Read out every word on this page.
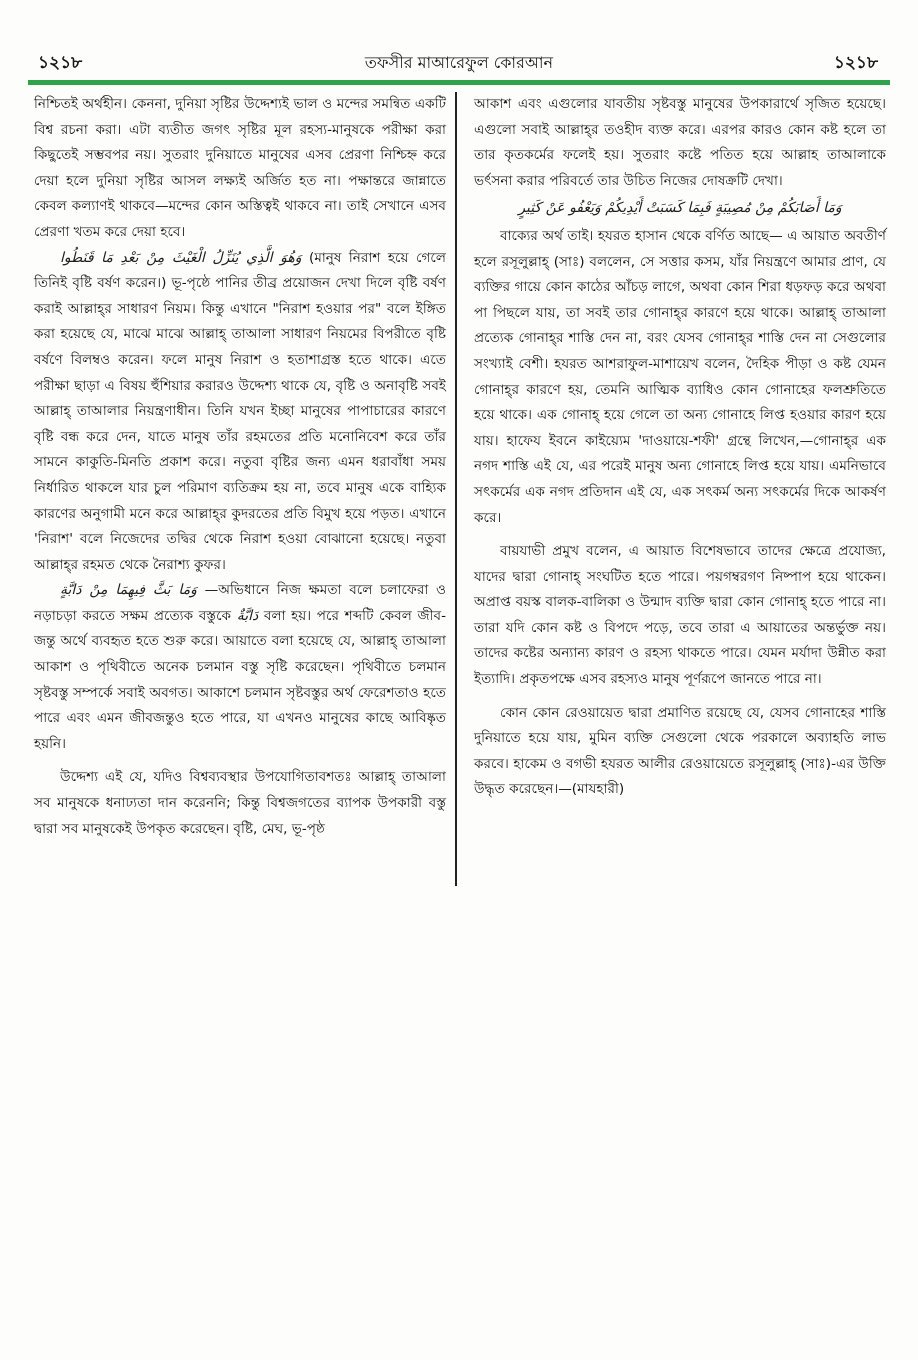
১২১৮	তফসীর মাআরেফুল কোরআন	১২১৮

নিশ্চিতই অর্থহীন। কেননা, দুনিয়া সৃষ্টির উদ্দেশ্যই ভাল ও মন্দের সমন্বিত একটি বিশ্ব রচনা করা। এটা ব্যতীত জগৎ সৃষ্টির মূল রহস্য-মানুষকে পরীক্ষা করা কিছুতেই সম্ভবপর নয়। সুতরাং দুনিয়াতে মানুষের এসব প্রেরণা নিশ্চিহ্ন করে দেয়া হলে দুনিয়া সৃষ্টির আসল লক্ষ্যই অর্জিত হত না। পক্ষান্তরে জান্নাতে কেবল কল্যাণই থাকবে—মন্দের কোন অস্তিত্বই থাকবে না। তাই সেখানে এসব প্রেরণা খতম করে দেয়া হবে।

وَهُوَ الَّذِي يُنَزِّلُ الْغَيْثَ مِنْ بَعْدِ مَا قَنَطُوا (মানুষ নিরাশ হয়ে গেলে তিনিই বৃষ্টি বর্ষণ করেন।) ভূ-পৃষ্ঠে পানির তীব্র প্রয়োজন দেখা দিলে বৃষ্টি বর্ষণ করাই আল্লাহ্‌র সাধারণ নিয়ম। কিন্তু এখানে "নিরাশ হওয়ার পর" বলে ইঙ্গিত করা হয়েছে যে, মাঝে মাঝে আল্লাহ্‌ তাআলা সাধারণ নিয়মের বিপরীতে বৃষ্টি বর্ষণে বিলম্বও করেন। ফলে মানুষ নিরাশ ও হতাশাগ্রস্ত হতে থাকে। এতে পরীক্ষা ছাড়া এ বিষয় হুঁশিয়ার করারও উদ্দেশ্য থাকে যে, বৃষ্টি ও অনাবৃষ্টি সবই আল্লাহ্‌ তাআলার নিয়ন্ত্রণাধীন। তিনি যখন ইচ্ছা মানুষের পাপাচারের কারণে বৃষ্টি বন্ধ করে দেন, যাতে মানুষ তাঁর রহমতের প্রতি মনোনিবেশ করে তাঁর সামনে কাকুতি-মিনতি প্রকাশ করে। নতুবা বৃষ্টির জন্য এমন ধরাবাঁধা সময় নির্ধারিত থাকলে যার চুল পরিমাণ ব্যতিক্রম হয় না, তবে মানুষ একে বাহ্যিক কারণের অনুগামী মনে করে আল্লাহ্‌র কুদরতের প্রতি বিমুখ হয়ে পড়ত। এখানে 'নিরাশ' বলে নিজেদের তদ্বির থেকে নিরাশ হওয়া বোঝানো হয়েছে। নতুবা আল্লাহ্‌র রহমত থেকে নৈরাশ্য কুফর।

وَمَا بَثَّ فِيهِمَا مِنْ دَابَّةٍ —অভিধানে নিজ ক্ষমতা বলে চলাফেরা ও নড়াচড়া করতে সক্ষম প্রত্যেক বস্তুকে دَابَّةٌ বলা হয়। পরে শব্দটি কেবল জীব-জন্তু অর্থে ব্যবহৃত হতে শুরু করে। আয়াতে বলা হয়েছে যে, আল্লাহ্‌ তাআলা আকাশ ও পৃথিবীতে অনেক চলমান বস্তু সৃষ্টি করেছেন। পৃথিবীতে চলমান সৃষ্টবস্তু সম্পর্কে সবাই অবগত। আকাশে চলমান সৃষ্টবস্তুর অর্থ ফেরেশতাও হতে পারে এবং এমন জীবজন্তুও হতে পারে, যা এখনও মানুষের কাছে আবিষ্কৃত হয়নি।

উদ্দেশ্য এই যে, যদিও বিশ্বব্যবস্থার উপযোগিতাবশতঃ আল্লাহ্‌ তাআলা সব মানুষকে ধনাঢ্যতা দান করেননি; কিন্তু বিশ্বজগতের ব্যাপক উপকারী বস্তু দ্বারা সব মানুষকেই উপকৃত করেছেন। বৃষ্টি, মেঘ, ভূ-পৃষ্ঠ

আকাশ এবং এগুলোর যাবতীয় সৃষ্টবস্তু মানুষের উপকারার্থে সৃজিত হয়েছে। এগুলো সবাই আল্লাহ্‌র তওহীদ ব্যক্ত করে। এরপর কারও কোন কষ্ট হলে তা তার কৃতকর্মের ফলেই হয়। সুতরাং কষ্টে পতিত হয়ে আল্লাহ তাআলাকে ভর্ৎসনা করার পরিবর্তে তার উচিত নিজের দোষক্রটি দেখা।

وَمَا أَصَابَكُمْ مِنْ مُصِيبَةٍ فَبِمَا كَسَبَتْ أَيْدِيكُمْ وَيَعْفُو عَنْ كَثِيرٍ

বাক্যের অর্থ তাই। হযরত হাসান থেকে বর্ণিত আছে— এ আয়াত অবতীর্ণ হলে রসূলুল্লাহ্‌ (সাঃ) বললেন, সে সত্তার কসম, যাঁর নিয়ন্ত্রণে আমার প্রাণ, যে ব্যক্তির গায়ে কোন কাঠের আঁচড় লাগে, অথবা কোন শিরা ধড়ফড় করে অথবা পা পিছলে যায়, তা সবই তার গোনাহ্‌র কারণে হয়ে থাকে। আল্লাহ্‌ তাআলা প্রত্যেক গোনাহ্‌র শাস্তি দেন না, বরং যেসব গোনাহ্‌র শাস্তি দেন না সেগুলোর সংখ্যাই বেশী। হযরত আশরাফুল-মাশায়েখ বলেন, দৈহিক পীড়া ও কষ্ট যেমন গোনাহ্‌র কারণে হয়, তেমনি আত্মিক ব্যাধিও কোন গোনাহের ফলশ্রুতিতে হয়ে থাকে। এক গোনাহ্‌ হয়ে গেলে তা অন্য গোনাহে লিপ্ত হওয়ার কারণ হয়ে যায়। হাফেয ইবনে কাইয়্যেম 'দাওয়ায়ে-শফী' গ্রন্থে লিখেন,—গোনাহ্‌র এক নগদ শাস্তি এই যে, এর পরেই মানুষ অন্য গোনাহে লিপ্ত হয়ে যায়। এমনিভাবে সৎকর্মের এক নগদ প্রতিদান এই যে, এক সৎকর্ম অন্য সৎকর্মের দিকে আকর্ষণ করে।

বায়যাভী প্রমুখ বলেন, এ আয়াত বিশেষভাবে তাদের ক্ষেত্রে প্রযোজ্য, যাদের দ্বারা গোনাহ্‌ সংঘটিত হতে পারে। পয়গম্বরগণ নিষ্পাপ হয়ে থাকেন। অপ্রাপ্ত বয়স্ক বালক-বালিকা ও উন্মাদ ব্যক্তি দ্বারা কোন গোনাহ্‌ হতে পারে না। তারা যদি কোন কষ্ট ও বিপদে পড়ে, তবে তারা এ আয়াতের অন্তর্ভুক্ত নয়। তাদের কষ্টের অন্যান্য কারণ ও রহস্য থাকতে পারে। যেমন মর্যাদা উন্নীত করা ইত্যাদি। প্রকৃতপক্ষে এসব রহস্যও মানুষ পূর্ণরূপে জানতে পারে না।

কোন কোন রেওয়ায়েত দ্বারা প্রমাণিত রয়েছে যে, যেসব গোনাহের শাস্তি দুনিয়াতে হয়ে যায়, মুমিন ব্যক্তি সেগুলো থেকে পরকালে অব্যাহতি লাভ করবে। হাকেম ও বগভী হযরত আলীর রেওয়ায়েতে রসূলুল্লাহ্‌ (সাঃ)-এর উক্তি উদ্ধৃত করেছেন।—(মাযহারী)
